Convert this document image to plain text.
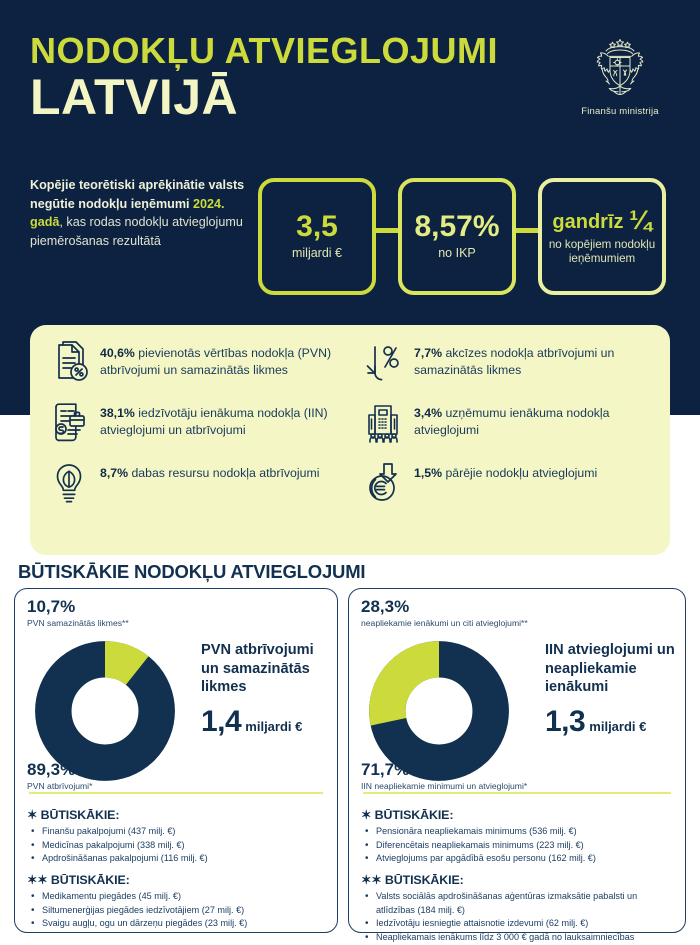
NODOKĻU ATVIEGLOJUMI
LATVIJĀ	Finanšu ministrija
Kopējie teorētiski aprēķinātie valsts negūtie nodokļu ieņēmumi 2024. gadā, kas rodas nodokļu atvieglojumu piemērošanas rezultātā	3,5
miljardi €
8,57%
no IKP
gandrīz ¼
no kopējiem nodokļu ieņēmumiem
40,6% pievienotās vērtības nodokļa (PVN) atbrīvojumi un samazinātās likmes
38,1% iedzīvotāju ienākuma nodokļa (IIN) atvieglojumi un atbrīvojumi
8,7% dabas resursu nodokļa atbrīvojumi
7,7% akcīzes nodokļa atbrīvojumi un samazinātās likmes
3,4% uzņēmumu ienākuma nodokļa atvieglojumi
1,5% pārējie nodokļu atvieglojumi
BŪTISKĀKIE NODOKĻU ATVIEGLOJUMI
10,7%
PVN samazinātās likmes**
PVN atbrīvojumi un samazinātās likmes
1,4 miljardi €
89,3%
PVN atbrīvojumi*
✶ BŪTISKĀKIE:
• Finanšu pakalpojumi (437 milj. €)
• Medicīnas pakalpojumi (338 milj. €)
• Apdrošināšanas pakalpojumi (116 milj. €)
✶✶ BŪTISKĀKIE:
• Medikamentu piegādes (45 milj. €)
• Siltumenerģijas piegādes iedzīvotājiem (27 milj. €)
• Svaigu augļu, ogu un dārzeņu piegādes (23 milj. €)
28,3%
neapliekamie ienākumi un citi atvieglojumi**
IIN atvieglojumi un neapliekamie ienākumi
1,3 miljardi €
71,7%
IIN neapliekamie minimumi un atvieglojumi*
✶ BŪTISKĀKIE:
• Pensionāra neapliekamais minimums (536 milj. €)
• Diferencētais neapliekamais minimums (223 milj. €)
• Atvieglojums par apgādībā esošu personu (162 milj. €)
✶✶ BŪTISKĀKIE:
• Valsts sociālās apdrošināšanas aģentūras izmaksātie pabalsti un atlīdzības (184 milj. €)
• Iedzīvotāju iesniegtie attaisnotie izdevumi (62 milj. €)
• Neapliekamais ienākums līdz 3 000 € gadā no lauksaimniecības
